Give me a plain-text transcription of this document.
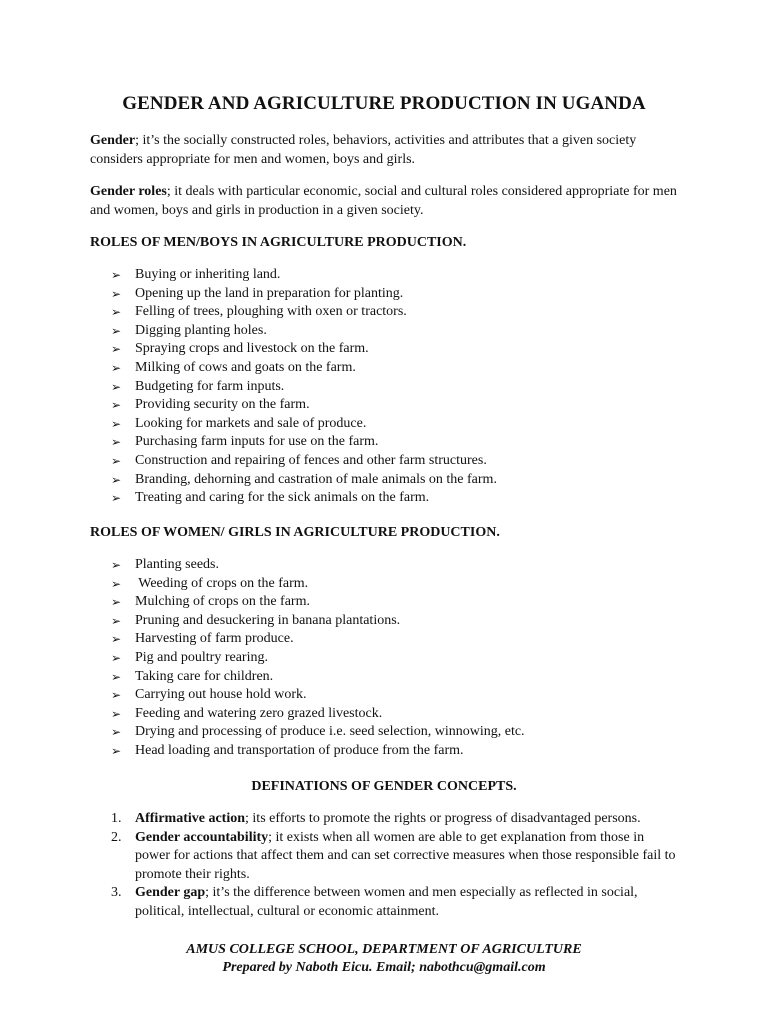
GENDER AND AGRICULTURE PRODUCTION IN UGANDA

Gender; it’s the socially constructed roles, behaviors, activities and attributes that a given society considers appropriate for men and women, boys and girls.

Gender roles; it deals with particular economic, social and cultural roles considered appropriate for men and women, boys and girls in production in a given society.

ROLES OF MEN/BOYS IN AGRICULTURE PRODUCTION.
➢ Buying or inheriting land.
➢ Opening up the land in preparation for planting.
➢ Felling of trees, ploughing with oxen or tractors.
➢ Digging planting holes.
➢ Spraying crops and livestock on the farm.
➢ Milking of cows and goats on the farm.
➢ Budgeting for farm inputs.
➢ Providing security on the farm.
➢ Looking for markets and sale of produce.
➢ Purchasing farm inputs for use on the farm.
➢ Construction and repairing of fences and other farm structures.
➢ Branding, dehorning and castration of male animals on the farm.
➢ Treating and caring for the sick animals on the farm.
ROLES OF WOMEN/ GIRLS IN AGRICULTURE PRODUCTION.
➢ Planting seeds.
➢ Weeding of crops on the farm.
➢ Mulching of crops on the farm.
➢ Pruning and desuckering in banana plantations.
➢ Harvesting of farm produce.
➢ Pig and poultry rearing.
➢ Taking care for children.
➢ Carrying out house hold work.
➢ Feeding and watering zero grazed livestock.
➢ Drying and processing of produce i.e. seed selection, winnowing, etc.
➢ Head loading and transportation of produce from the farm.
DEFINATIONS OF GENDER CONCEPTS.
1. Affirmative action; its efforts to promote the rights or progress of disadvantaged persons.
2. Gender accountability; it exists when all women are able to get explanation from those in power for actions that affect them and can set corrective measures when those responsible fail to promote their rights.
3. Gender gap; it’s the difference between women and men especially as reflected in social, political, intellectual, cultural or economic attainment.

AMUS COLLEGE SCHOOL, DEPARTMENT OF AGRICULTURE

Prepared by Naboth Eicu. Email; nabothcu@gmail.com
